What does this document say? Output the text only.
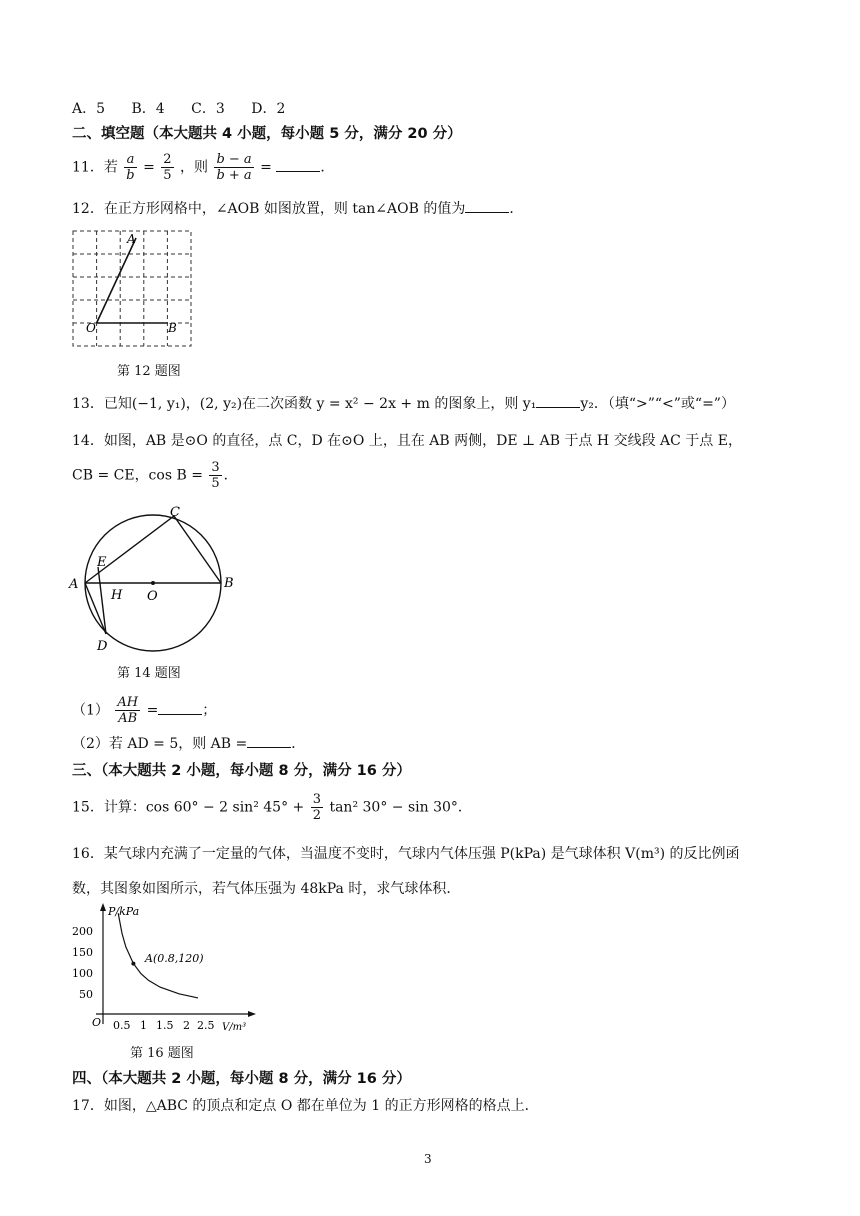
A．5 B．4 C．3 D．2
二、填空题（本大题共 4 小题，每小题 5 分，满分 20 分）
11．若 $\frac{a}{b} = \frac{2}{5}$ ，则 $\frac{b - a}{b + a}$ =	．
12．在正方形网格中，∠AOB 如图放置，则 tan∠AOB 的值为	．
A
O	B
第 12 题图
13．已知(−1, y₁)，(2, y₂)在二次函数 y = x² − 2x + m 的图象上，则 y₁	y₂．（填“>”“<”或“=”）
14．如图，AB 是⊙O 的直径，点 C，D 在⊙O 上，且在 AB 两侧，DE ⊥ AB 于点 H 交线段 AC 于点 E，
CB = CE，$\cos B = \frac{3}{5}$ ．
A	B
C
D
E
H O
第 14 题图
$(1) \frac{AH}{AB}$ =	；
（2）若 AD = 5，则 AB =	．
三、（本大题共 2 小题，每小题 8 分，满分 16 分）
15．计算：cos 60° − 2 sin² $45^\circ + \frac{3}{2} \tan^2$ 30° − sin 30°．
16．某气球内充满了一定量的气体，当温度不变时，气球内气体压强 P(kPa) 是气球体积 V(m³) 的反比例函
数，其图象如图所示，若气体压强为 48kPa 时，求气球体积．
P/kPa
V/m³
O
200
150
100
50
0.5 1 1.5 2 2.5
A(0.8,120)
第 16 题图
四、（本大题共 2 小题，每小题 8 分，满分 16 分）
17．如图，△ABC 的顶点和定点 O 都在单位为 1 的正方形网格的格点上．
3
